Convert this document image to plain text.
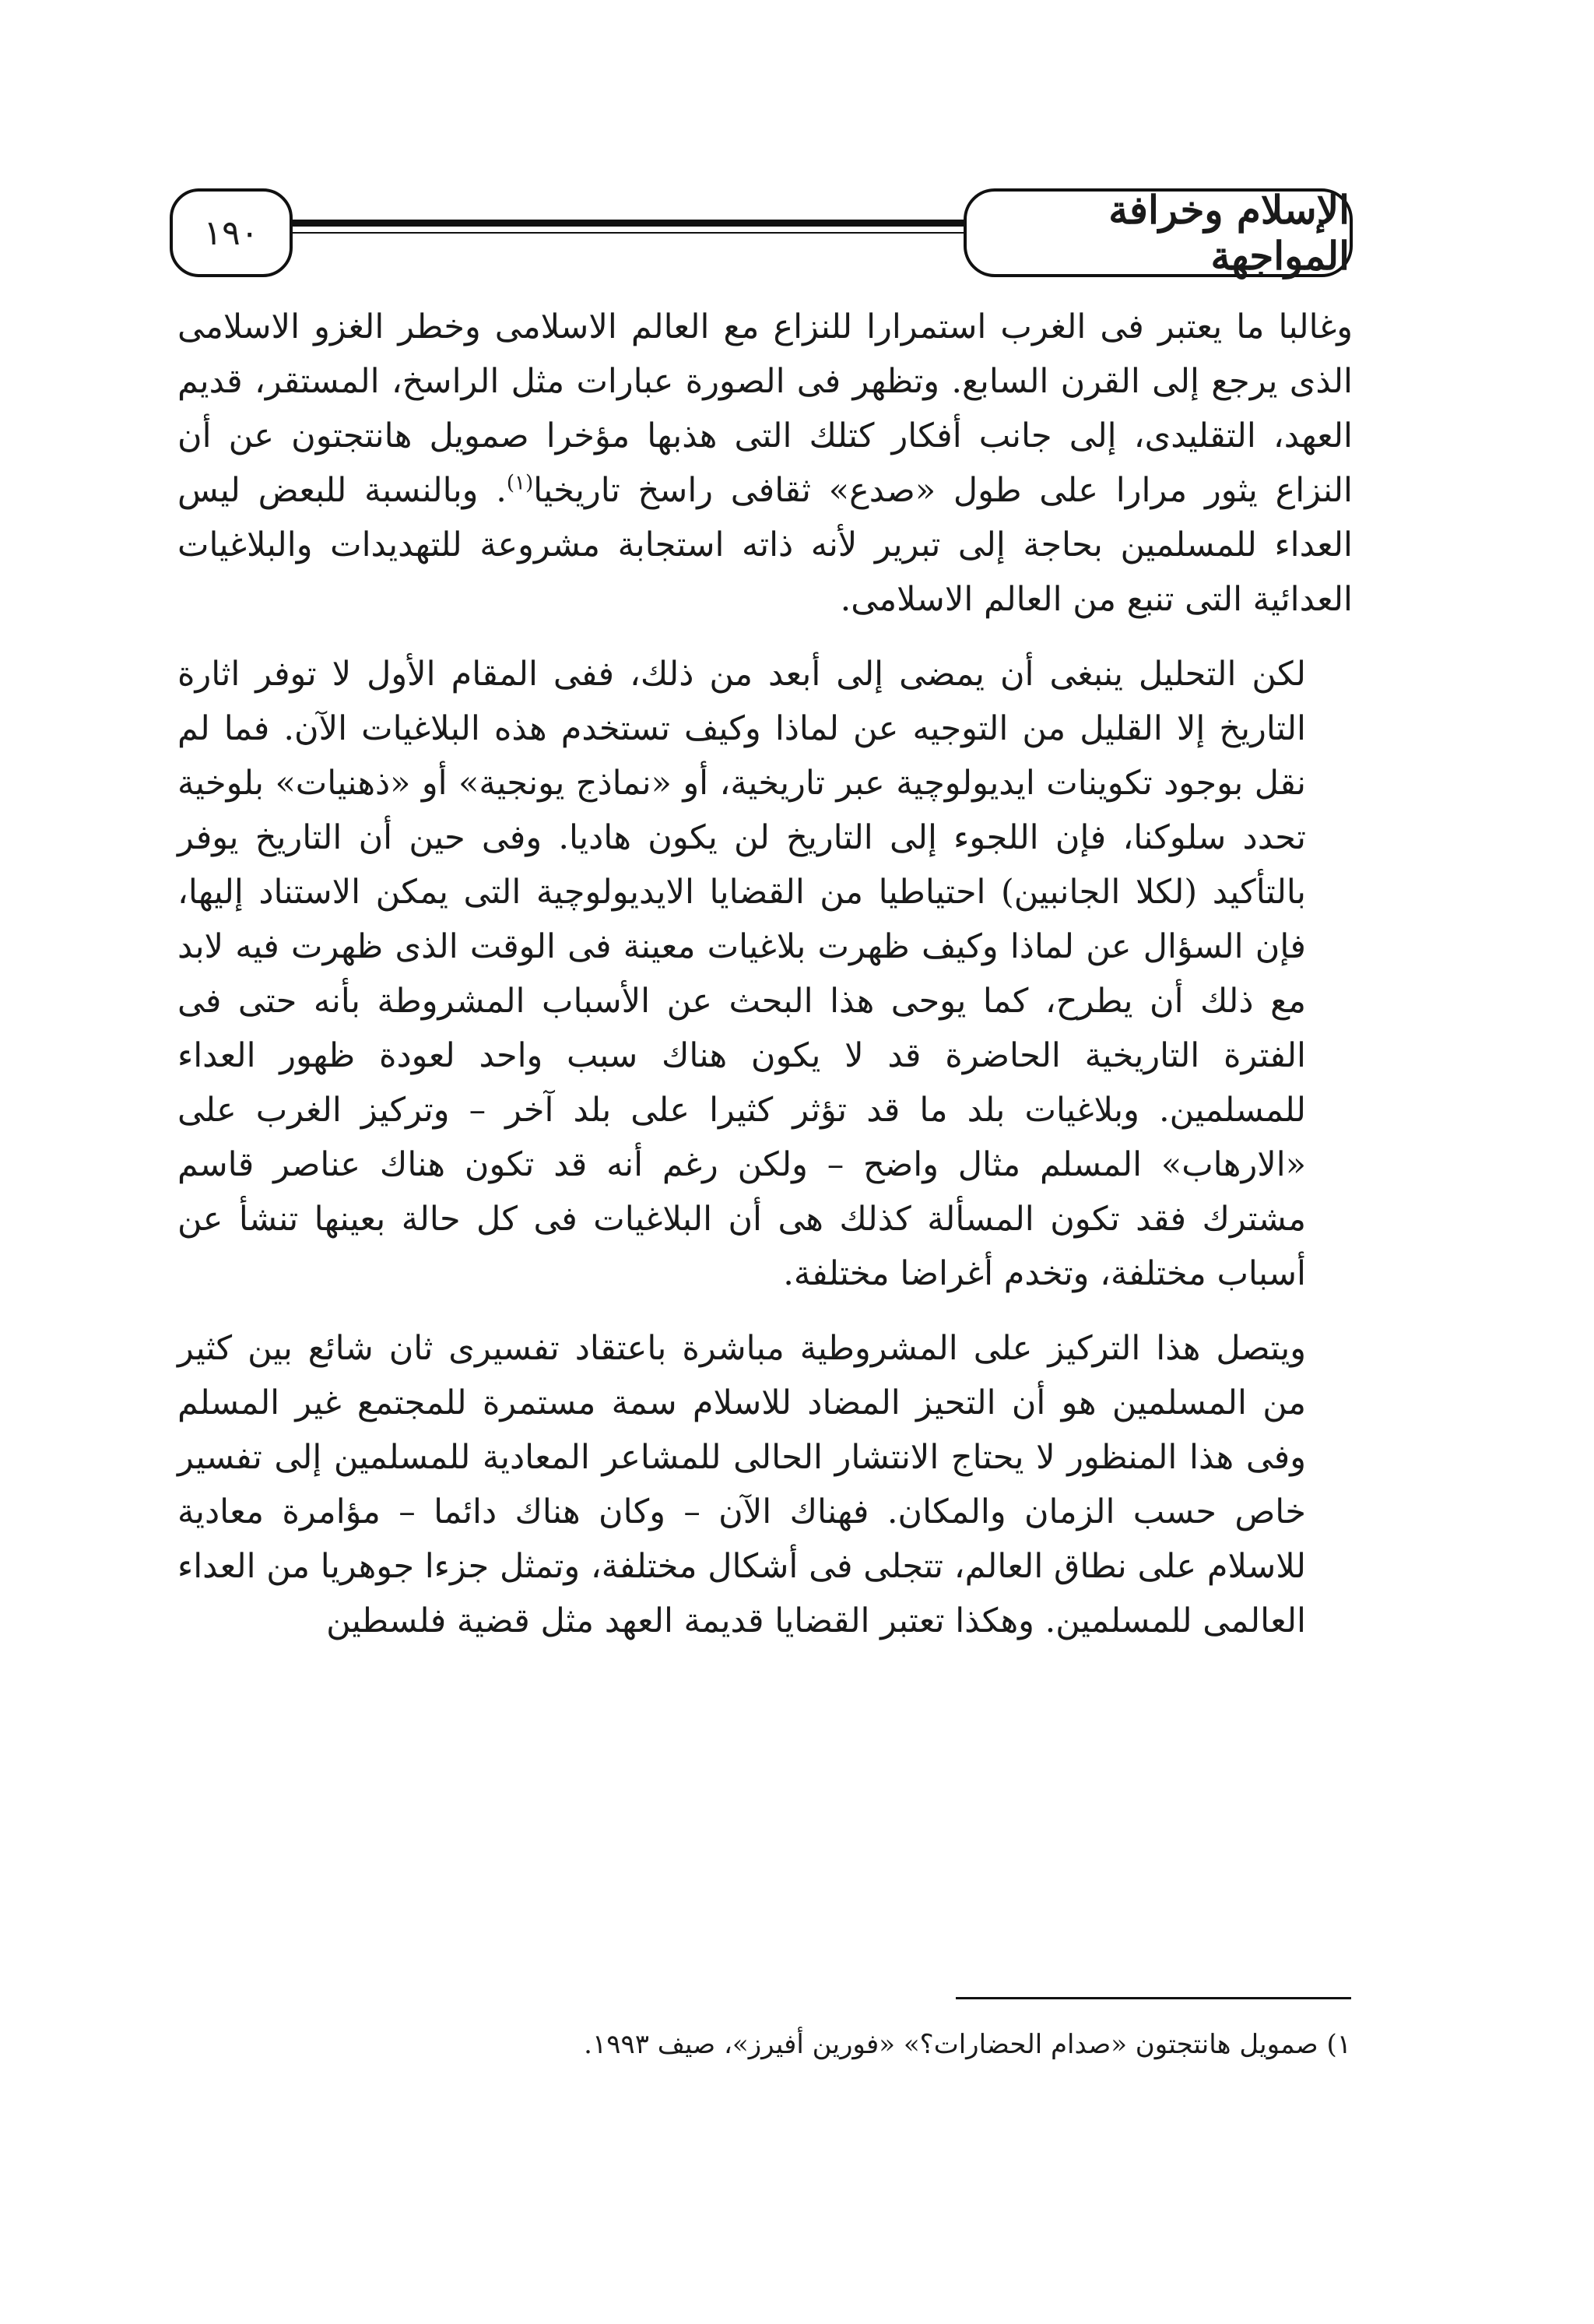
١٩٠	الإسلام وخرافة المواجهة

وغالبا ما يعتبر فى الغرب استمرارا للنزاع مع العالم الاسلامى وخطر الغزو الاسلامى الذى يرجع إلى القرن السابع. وتظهر فى الصورة عبارات مثل الراسخ، المستقر، قديم العهد، التقليدى، إلى جانب أفكار كتلك التى هذبها مؤخرا صمويل هانتجتون عن أن النزاع يثور مرارا على طول «صدع» ثقافى راسخ تاريخيا$^{(١)}$. وبالنسبة للبعض ليس العداء للمسلمين بحاجة إلى تبرير لأنه ذاته استجابة مشروعة للتهديدات والبلاغيات العدائية التى تنبع من العالم الاسلامى.

لكن التحليل ينبغى أن يمضى إلى أبعد من ذلك، ففى المقام الأول لا توفر اثارة التاريخ إلا القليل من التوجيه عن لماذا وكيف تستخدم هذه البلاغيات الآن. فما لم نقل بوجود تكوينات ايديولوچية عبر تاريخية، أو «نماذج يونجية» أو «ذهنيات» بلوخية تحدد سلوكنا، فإن اللجوء إلى التاريخ لن يكون هاديا. وفى حين أن التاريخ يوفر بالتأكيد (لكلا الجانبين) احتياطيا من القضايا الايديولوچية التى يمكن الاستناد إليها، فإن السؤال عن لماذا وكيف ظهرت بلاغيات معينة فى الوقت الذى ظهرت فيه لابد مع ذلك أن يطرح، كما يوحى هذا البحث عن الأسباب المشروطة بأنه حتى فى الفترة التاريخية الحاضرة قد لا يكون هناك سبب واحد لعودة ظهور العداء للمسلمين. وبلاغيات بلد ما قد تؤثر كثيرا على بلد آخر – وتركيز الغرب على «الارهاب» المسلم مثال واضح – ولكن رغم أنه قد تكون هناك عناصر قاسم مشترك فقد تكون المسألة كذلك هى أن البلاغيات فى كل حالة بعينها تنشأ عن أسباب مختلفة، وتخدم أغراضا مختلفة.

ويتصل هذا التركيز على المشروطية مباشرة باعتقاد تفسيرى ثان شائع بين كثير من المسلمين هو أن التحيز المضاد للاسلام سمة مستمرة للمجتمع غير المسلم وفى هذا المنظور لا يحتاج الانتشار الحالى للمشاعر المعادية للمسلمين إلى تفسير خاص حسب الزمان والمكان. فهناك الآن – وكان هناك دائما – مؤامرة معادية للاسلام على نطاق العالم، تتجلى فى أشكال مختلفة، وتمثل جزءا جوهريا من العداء العالمى للمسلمين. وهكذا تعتبر القضايا قديمة العهد مثل قضية فلسطين

١) صمويل هانتجتون «صدام الحضارات؟» «فورين أفيرز»، صيف ١٩٩٣.
